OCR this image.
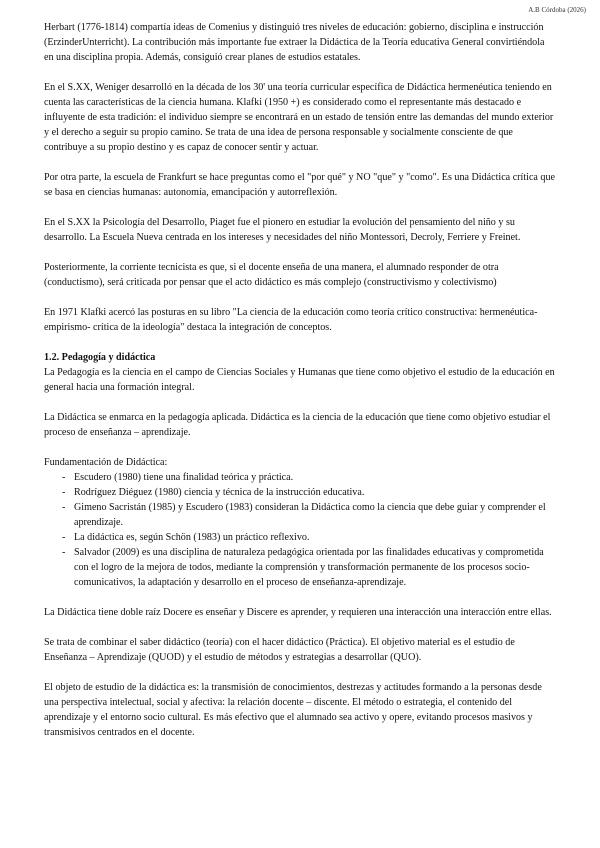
A.B Córdoba (2026)

Herbart (1776-1814) compartía ideas de Comenius y distinguió tres niveles de educación: gobierno, disciplina e instrucción (ErzinderUnterricht). La contribución más importante fue extraer la Didáctica de la Teoría educativa General convirtiéndola en una disciplina propia. Además, consiguió crear planes de estudios estatales.

En el S.XX, Weniger desarrolló en la década de los 30' una teoría curricular específica de Didáctica hermenéutica teniendo en cuenta las características de la ciencia humana. Klafki (1950 +) es considerado como el representante más destacado e influyente de esta tradición: el individuo siempre se encontrará en un estado de tensión entre las demandas del mundo exterior y el derecho a seguir su propio camino. Se trata de una idea de persona responsable y socialmente consciente de que contribuye a su propio destino y es capaz de conocer sentir y actuar.

Por otra parte, la escuela de Frankfurt se hace preguntas como el "por qué" y NO "que" y "como". Es una Didáctica crítica que se basa en ciencias humanas: autonomía, emancipación y autorreflexión.

En el S.XX la Psicología del Desarrollo, Piaget fue el pionero en estudiar la evolución del pensamiento del niño y su desarrollo. La Escuela Nueva centrada en los intereses y necesidades del niño Montessori, Decroly, Ferriere y Freinet.

Posteriormente, la corriente tecnicista es que, si el docente enseña de una manera, el alumnado responder de otra (conductismo), será criticada por pensar que el acto didáctico es más complejo (constructivismo y colectivismo)

En 1971 Klafki acercó las posturas en su libro "La ciencia de la educación como teoría crítico constructiva: hermenéutica- empirismo- crítica de la ideología" destaca la integración de conceptos.

1.2. Pedagogía y didáctica

La Pedagogía es la ciencia en el campo de Ciencias Sociales y Humanas que tiene como objetivo el estudio de la educación en general hacia una formación integral.

La Didáctica se enmarca en la pedagogía aplicada. Didáctica es la ciencia de la educación que tiene como objetivo estudiar el proceso de enseñanza – aprendizaje.

Fundamentación de Didáctica:
- Escudero (1980) tiene una finalidad teórica y práctica.
- Rodríguez Diéguez (1980) ciencia y técnica de la instrucción educativa.
- Gimeno Sacristán (1985) y Escudero (1983) consideran la Didáctica como la ciencia que debe guiar y comprender el aprendizaje.
- La didáctica es, según Schön (1983) un práctico reflexivo.
- Salvador (2009) es una disciplina de naturaleza pedagógica orientada por las finalidades educativas y comprometida con el logro de la mejora de todos, mediante la comprensión y transformación permanente de los procesos socio-comunicativos, la adaptación y desarrollo en el proceso de enseñanza-aprendizaje.

La Didáctica tiene doble raíz Docere es enseñar y Discere es aprender, y requieren una interacción una interacción entre ellas.

Se trata de combinar el saber didáctico (teoría) con el hacer didáctico (Práctica). El objetivo material es el estudio de Enseñanza – Aprendizaje (QUOD) y el estudio de métodos y estrategias a desarrollar (QUO).

El objeto de estudio de la didáctica es: la transmisión de conocimientos, destrezas y actitudes formando a la personas desde una perspectiva intelectual, social y afectiva: la relación docente – discente. El método o estrategia, el contenido del aprendizaje y el entorno socio cultural. Es más efectivo que el alumnado sea activo y opere, evitando procesos masivos y transmisivos centrados en el docente.
